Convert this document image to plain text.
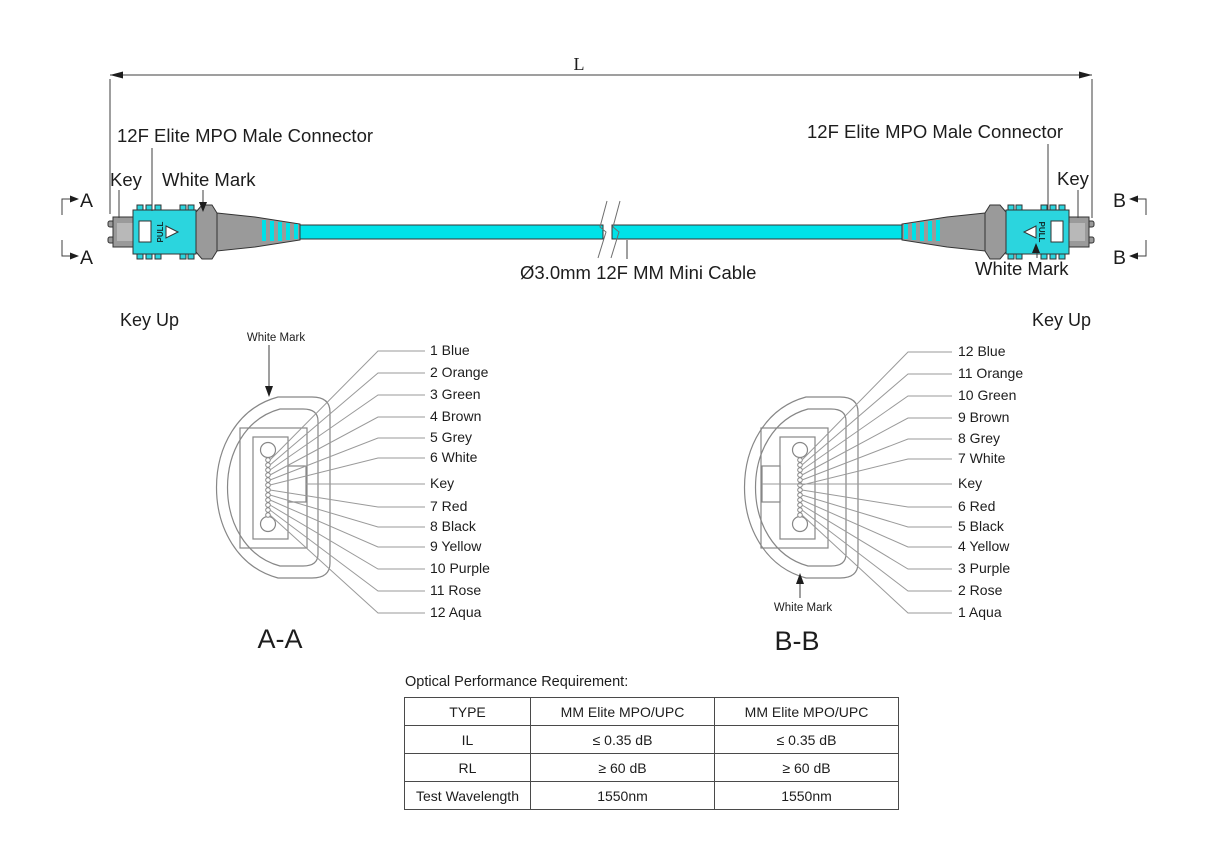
L
Ø3.0mm 12F MM Mini Cable
PULL	PULL
12F Elite MPO Male Connector
Key White Mark
12F Elite MPO Male Connector
Key
White Mark
A
A
B
B
Key Up
White Mark
1 Blue
2 Orange
3 Green
4 Brown
5 Grey
6 White
Key
7 Red
8 Black
9 Yellow
10 Purple
11 Rose
12 Aqua
A-A
Key Up
12 Blue
11 Orange
10 Green
9 Brown
8 Grey
7 White
Key
6 Red
5 Black
4 Yellow
3 Purple
2 Rose
1 Aqua
White Mark
B-B
Optical Performance Requirement:
TYPE	MM Elite MPO/UPC	MM Elite MPO/UPC
IL	≤ 0.35 dB	≤ 0.35 dB
RL	≥ 60 dB	≥ 60 dB
Test Wavelength	1550nm	1550nm
